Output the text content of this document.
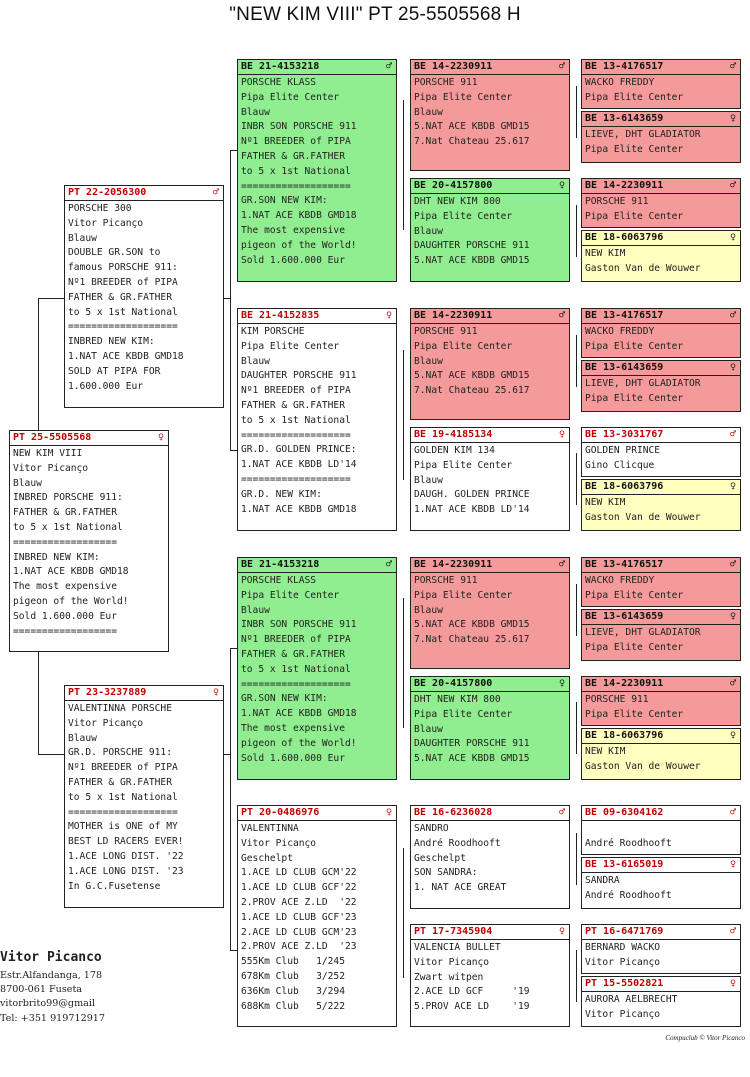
"NEW KIM VIII" PT 25-5505568 H
PT 25-5505568	♀
NEW KIM VIII
Vitor Picanço
Blauw
INBRED PORSCHE 911:
FATHER & GR.FATHER
to 5 x 1st National
==================
INBRED NEW KIM:
1.NAT ACE KBDB GMD18
The most expensive
pigeon of the World!
Sold 1.600.000 Eur
==================
PT 22-2056300	♂
PORSCHE 300
Vitor Picanço
Blauw
DOUBLE GR.SON to
famous PORSCHE 911:
Nº1 BREEDER of PIPA
FATHER & GR.FATHER
to 5 x 1st National
===================
INBRED NEW KIM:
1.NAT ACE KBDB GMD18
SOLD AT PIPA FOR
1.600.000 Eur
PT 23-3237889	♀
VALENTINNA PORSCHE
Vitor Picanço
Blauw
GR.D. PORSCHE 911:
Nº1 BREEDER of PIPA
FATHER & GR.FATHER
to 5 x 1st National
===================
MOTHER is ONE of MY
BEST LD RACERS EVER!
1.ACE LONG DIST. '22
1.ACE LONG DIST. '23
In G.C.Fusetense
BE 21-4153218	♂
PORSCHE KLASS
Pipa Elite Center
Blauw
INBR SON PORSCHE 911
Nº1 BREEDER of PIPA
FATHER & GR.FATHER
to 5 x 1st National
===================
GR.SON NEW KIM:
1.NAT ACE KBDB GMD18
The most expensive
pigeon of the World!
Sold 1.600.000 Eur
BE 21-4152835	♀
KIM PORSCHE
Pipa Elite Center
Blauw
DAUGHTER PORSCHE 911
Nº1 BREEDER of PIPA
FATHER & GR.FATHER
to 5 x 1st National
===================
GR.D. GOLDEN PRINCE:
1.NAT ACE KBDB LD'14
===================
GR.D. NEW KIM:
1.NAT ACE KBDB GMD18
BE 21-4153218	♂
PORSCHE KLASS
Pipa Elite Center
Blauw
INBR SON PORSCHE 911
Nº1 BREEDER of PIPA
FATHER & GR.FATHER
to 5 x 1st National
===================
GR.SON NEW KIM:
1.NAT ACE KBDB GMD18
The most expensive
pigeon of the World!
Sold 1.600.000 Eur
PT 20-0486976	♀
VALENTINNA
Vitor Picanço
Geschelpt
1.ACE LD CLUB GCM'22
1.ACE LD CLUB GCF'22
2.PROV ACE Z.LD  '22
1.ACE LD CLUB GCF'23
2.ACE LD CLUB GCM'23
2.PROV ACE Z.LD  '23
555Km Club   1/245
678Km Club   3/252
636Km Club   3/294
688Km Club   5/222
BE 14-2230911	♂
PORSCHE 911
Pipa Elite Center
Blauw
5.NAT ACE KBDB GMD15
7.Nat Chateau 25.617
BE 20-4157800	♀
DHT NEW KIM 800
Pipa Elite Center
Blauw
DAUGHTER PORSCHE 911
5.NAT ACE KBDB GMD15
BE 14-2230911	♂
PORSCHE 911
Pipa Elite Center
Blauw
5.NAT ACE KBDB GMD15
7.Nat Chateau 25.617
BE 19-4185134	♀
GOLDEN KIM 134
Pipa Elite Center
Blauw
DAUGH. GOLDEN PRINCE
1.NAT ACE KBDB LD'14
BE 14-2230911	♂
PORSCHE 911
Pipa Elite Center
Blauw
5.NAT ACE KBDB GMD15
7.Nat Chateau 25.617
BE 20-4157800	♀
DHT NEW KIM 800
Pipa Elite Center
Blauw
DAUGHTER PORSCHE 911
5.NAT ACE KBDB GMD15
BE 16-6236028	♂
SANDRO
André Roodhooft
Geschelpt
SON SANDRA:
1. NAT ACE GREAT
PT 17-7345904	♀
VALENCIA BULLET
Vitor Picanço
Zwart witpen
2.ACE LD GCF     '19
5.PROV ACE LD    '19
BE 13-4176517	♂
WACKO FREDDY
Pipa Elite Center
BE 13-6143659	♀
LIEVE, DHT GLADIATOR
Pipa Elite Center
BE 14-2230911	♂
PORSCHE 911
Pipa Elite Center
BE 18-6063796	♀
NEW KIM
Gaston Van de Wouwer
BE 13-4176517	♂
WACKO FREDDY
Pipa Elite Center
BE 13-6143659	♀
LIEVE, DHT GLADIATOR
Pipa Elite Center
BE 13-3031767	♂
GOLDEN PRINCE
Gino Clicque
BE 18-6063796	♀
NEW KIM
Gaston Van de Wouwer
BE 13-4176517	♂
WACKO FREDDY
Pipa Elite Center
BE 13-6143659	♀
LIEVE, DHT GLADIATOR
Pipa Elite Center
BE 14-2230911	♂
PORSCHE 911
Pipa Elite Center
BE 18-6063796	♀
NEW KIM
Gaston Van de Wouwer
BE 09-6304162	♂
André Roodhooft
BE 13-6165019	♀
SANDRA
André Roodhooft
PT 16-6471769	♂
BERNARD WACKO
Vitor Picanço
PT 15-5502821	♀
AURORA AELBRECHT
Vitor Picanço
Vitor Picanco
Estr.Alfandanga, 178
8700-061 Fuseta
vitorbrito99@gmail
Tel: +351 919712917
Compuclub © Vitor Picanco
